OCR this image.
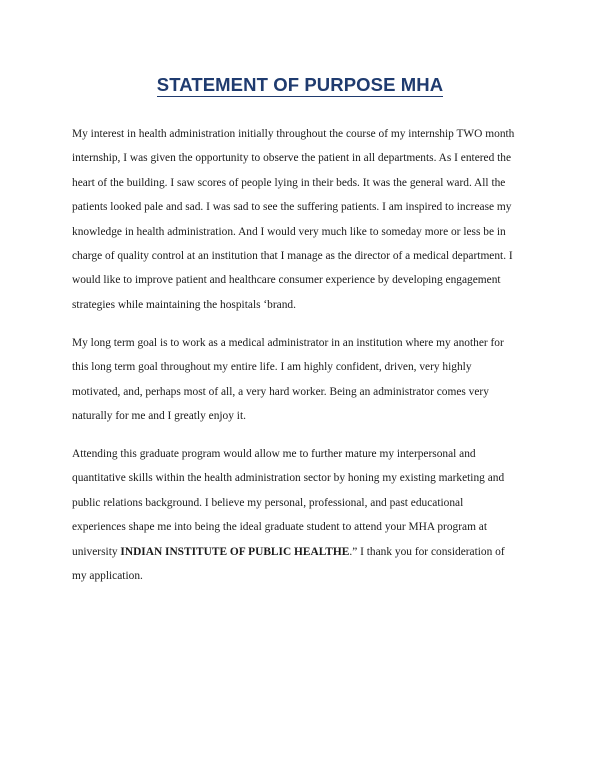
STATEMENT OF PURPOSE MHA

My interest in health administration initially throughout the course of my internship TWO month
internship, I was given the opportunity to observe the patient in all departments. As I entered the
heart of the building. I saw scores of people lying in their beds. It was the general ward. All the
patients looked pale and sad. I was sad to see the suffering patients. I am inspired to increase my
knowledge in health administration. And I would very much like to someday more or less be in
charge of quality control at an institution that I manage as the director of a medical department. I
would like to improve patient and healthcare consumer experience by developing engagement
strategies while maintaining the hospitals ‘brand.

My long term goal is to work as a medical administrator in an institution where my another for
this long term goal throughout my entire life. I am highly confident, driven, very highly
motivated, and, perhaps most of all, a very hard worker. Being an administrator comes very
naturally for me and I greatly enjoy it.

Attending this graduate program would allow me to further mature my interpersonal and
quantitative skills within the health administration sector by honing my existing marketing and
public relations background. I believe my personal, professional, and past educational
experiences shape me into being the ideal graduate student to attend your MHA program at
university INDIAN INSTITUTE OF PUBLIC HEALTHE.” I thank you for consideration of
my application.
